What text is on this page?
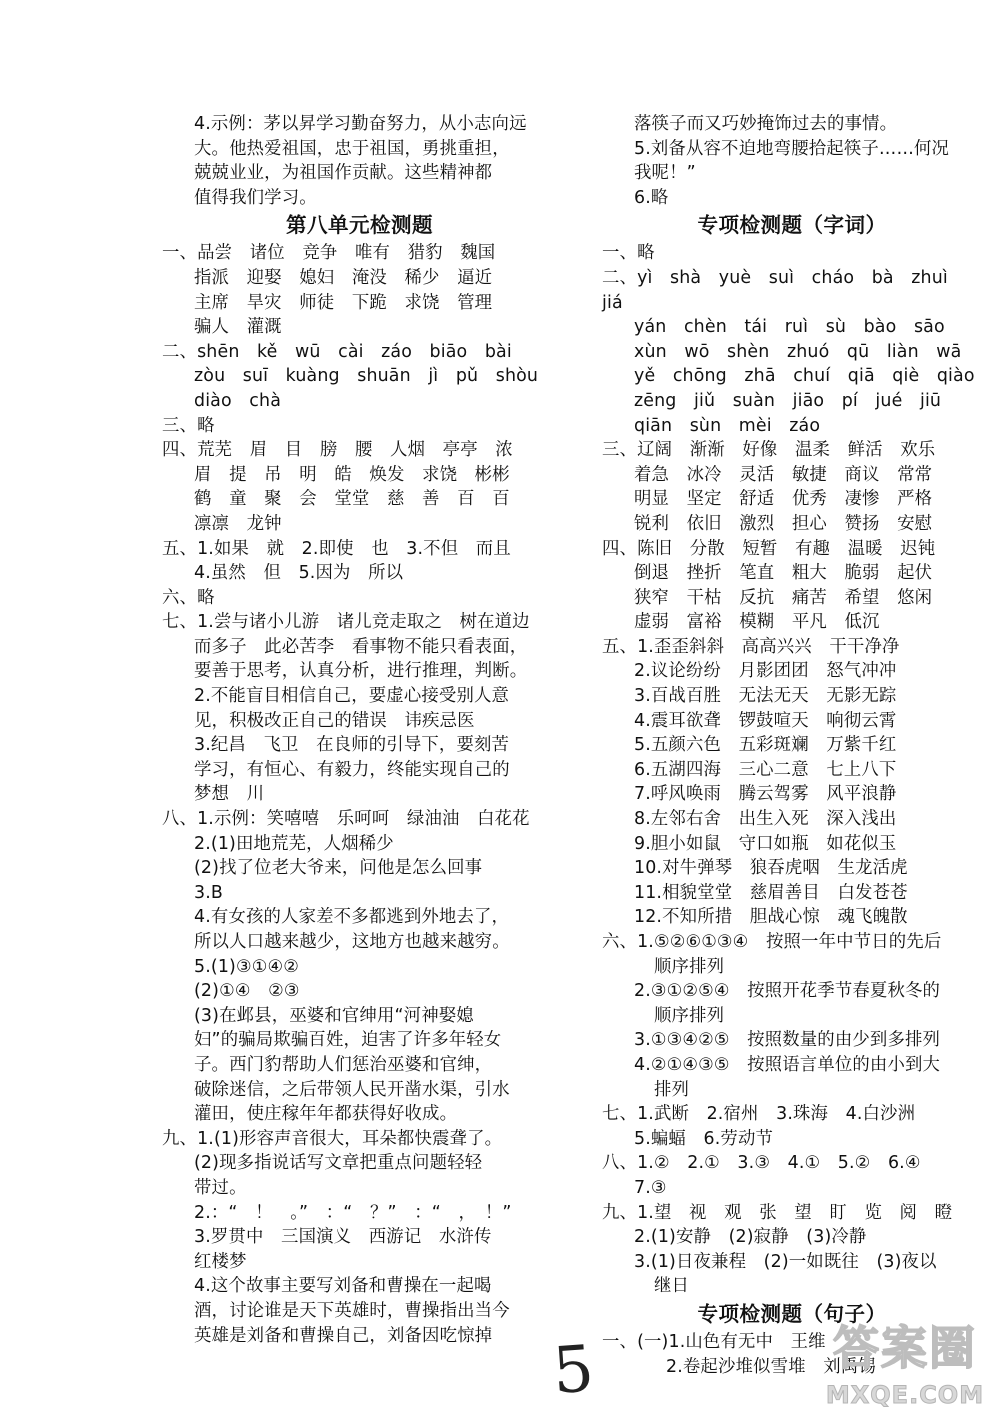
4.示例：茅以昇学习勤奋努力，从小志向远

大。他热爱祖国，忠于祖国，勇挑重担，

兢兢业业，为祖国作贡献。这些精神都

值得我们学习。

第八单元检测题

一、品尝　诸位　竞争　唯有　猎豹　魏国

指派　迎娶　媳妇　淹没　稀少　逼近

主席　旱灾　师徒　下跪　求饶　管理

骗人　灌溉

二、shēn　kě　wū　cài　záo　biāo　bài

zòu　suī　kuàng　shuān　jì　pǔ　shòu

diào　chà

三、略

四、荒芜　眉　目　膀　腰　人烟　亭亭　浓

眉　提　吊　明　皓　焕发　求饶　彬彬

鹤　童　聚　会　堂堂　慈　善　百　百

凛凛　龙钟

五、1.如果　就　2.即使　也　3.不但　而且

4.虽然　但　5.因为　所以

六、略

七、1.尝与诸小儿游　诸儿竞走取之　树在道边

而多子　此必苦李　看事物不能只看表面，

要善于思考，认真分析，进行推理，判断。

2.不能盲目相信自己，要虚心接受别人意

见，积极改正自己的错误　讳疾忌医

3.纪昌　飞卫　在良师的引导下，要刻苦

学习，有恒心、有毅力，终能实现自己的

梦想　川

八、1.示例：笑嘻嘻　乐呵呵　绿油油　白花花

2.(1)田地荒芜，人烟稀少

(2)找了位老大爷来，问他是怎么回事

3.B

4.有女孩的人家差不多都逃到外地去了，

所以人口越来越少，这地方也越来越穷。

5.(1)③①④②

(2)①④　②③

(3)在邺县，巫婆和官绅用“河神娶媳

妇”的骗局欺骗百姓，迫害了许多年轻女

子。西门豹帮助人们惩治巫婆和官绅，

破除迷信，之后带领人民开凿水渠，引水

灌田，使庄稼年年都获得好收成。

九、1.(1)形容声音很大，耳朵都快震聋了。

(2)现多指说话写文章把重点问题轻轻

带过。

2.：“　！　。”　：“　？”　：“　，　！”

3.罗贯中　三国演义　西游记　水浒传

红楼梦

4.这个故事主要写刘备和曹操在一起喝

酒，讨论谁是天下英雄时，曹操指出当今

英雄是刘备和曹操自己，刘备因吃惊掉

落筷子而又巧妙掩饰过去的事情。

5.刘备从容不迫地弯腰拾起筷子……何况

我呢！”

6.略

专项检测题（字词）

一、略

二、yì　shà　yuè　suì　cháo　bà　zhuì　jiá

yán　chèn　tái　ruì　sù　bào　sāo

xùn　wō　shèn　zhuó　qū　liàn　wā

yě　chōng　zhā　chuí　qiā　qiè　qiào

zēng　jiǔ　suàn　jiāo　pí　jué　jiū

qiān　sùn　mèi　záo

三、辽阔　渐渐　好像　温柔　鲜活　欢乐

着急　冰冷　灵活　敏捷　商议　常常

明显　坚定　舒适　优秀　凄惨　严格

锐利　依旧　激烈　担心　赞扬　安慰

四、陈旧　分散　短暂　有趣　温暖　迟钝

倒退　挫折　笔直　粗大　脆弱　起伏

狭窄　干枯　反抗　痛苦　希望　悠闲

虚弱　富裕　模糊　平凡　低沉

五、1.歪歪斜斜　高高兴兴　干干净净

2.议论纷纷　月影团团　怒气冲冲

3.百战百胜　无法无天　无影无踪

4.震耳欲聋　锣鼓喧天　响彻云霄

5.五颜六色　五彩斑斓　万紫千红

6.五湖四海　三心二意　七上八下

7.呼风唤雨　腾云驾雾　风平浪静

8.左邻右舍　出生入死　深入浅出

9.胆小如鼠　守口如瓶　如花似玉

10.对牛弹琴　狼吞虎咽　生龙活虎

11.相貌堂堂　慈眉善目　白发苍苍

12.不知所措　胆战心惊　魂飞魄散

六、1.⑤②⑥①③④　按照一年中节日的先后

顺序排列

2.③①②⑤④　按照开花季节春夏秋冬的

顺序排列

3.①③④②⑤　按照数量的由少到多排列

4.②①④③⑤　按照语言单位的由小到大

排列

七、1.武断　2.宿州　3.珠海　4.白沙洲

5.蝙蝠　6.劳动节

八、1.②　2.①　3.③　4.①　5.②　6.④

7.③

九、1.望　视　观　张　望　盯　览　阅　瞪

2.(1)安静　(2)寂静　(3)冷静

3.(1)日夜兼程　(2)一如既往　(3)夜以

继日

专项检测题（句子）

一、(一)1.山色有无中　王维

2.卷起沙堆似雪堆　刘禹锡

5	答案圈
MXQE.COM
